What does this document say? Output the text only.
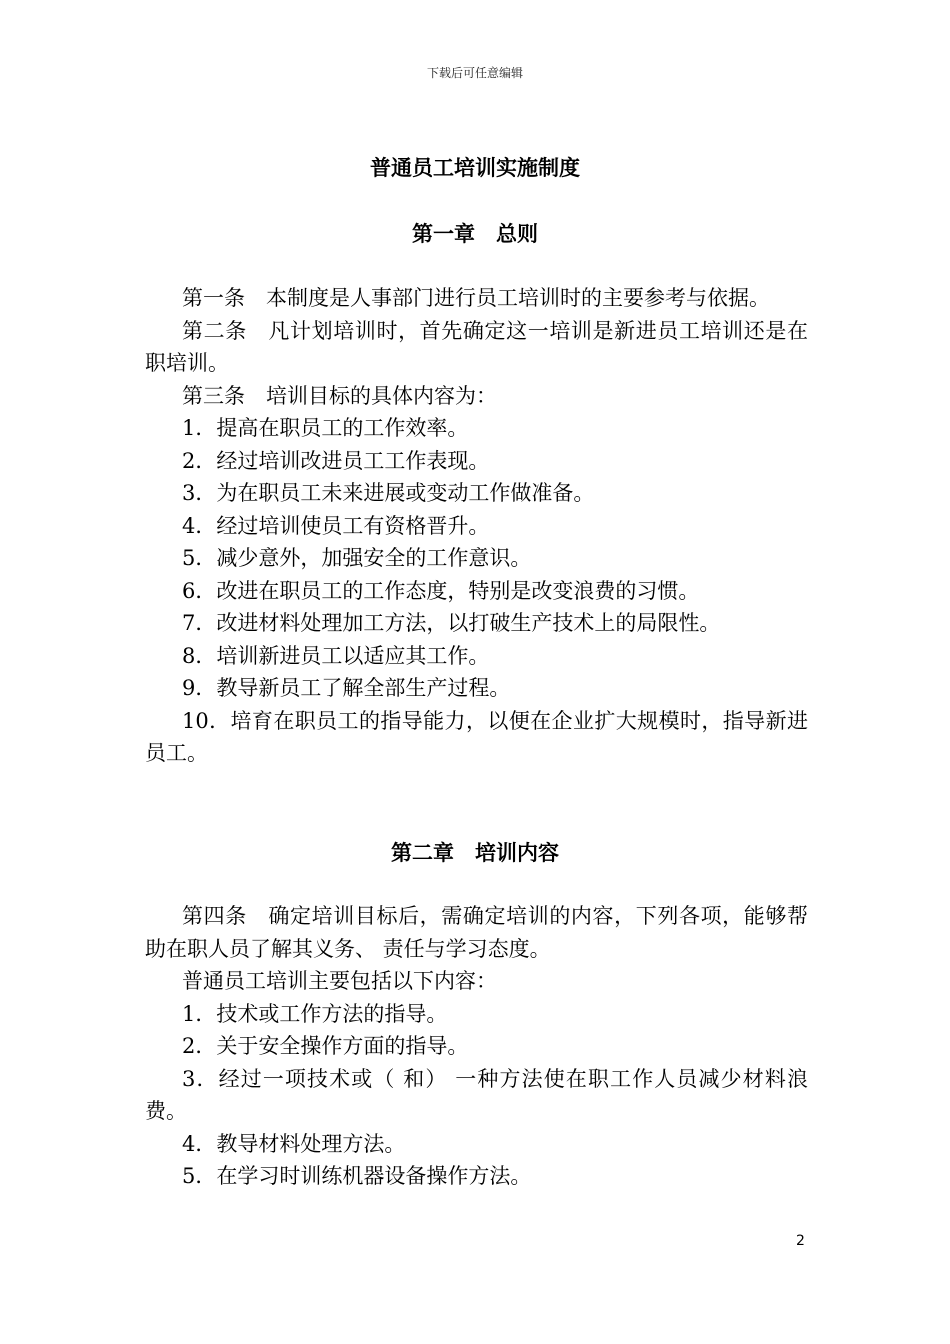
下载后可任意编辑
普通员工培训实施制度
第一章　总则

第一条　本制度是人事部门进行员工培训时的主要参考与依据。

第二条　凡计划培训时，首先确定这一培训是新进员工培训还是在职培训。

第三条　培训目标的具体内容为：

1．提高在职员工的工作效率。

2．经过培训改进员工工作表现。

3．为在职员工未来进展或变动工作做准备。

4．经过培训使员工有资格晋升。

5．减少意外，加强安全的工作意识。

6．改进在职员工的工作态度，特别是改变浪费的习惯。

7．改进材料处理加工方法，以打破生产技术上的局限性。

8．培训新进员工以适应其工作。

9．教导新员工了解全部生产过程。

10．培育在职员工的指导能力，以便在企业扩大规模时，指导新进员工。

第二章　培训内容

第四条　确定培训目标后，需确定培训的内容，下列各项，能够帮助在职人员了解其义务、 责任与学习态度。

普通员工培训主要包括以下内容：

1．技术或工作方法的指导。

2．关于安全操作方面的指导。

3．经过一项技术或（ 和） 一种方法使在职工作人员减少材料浪费。

4．教导材料处理方法。

5．在学习时训练机器设备操作方法。

2
